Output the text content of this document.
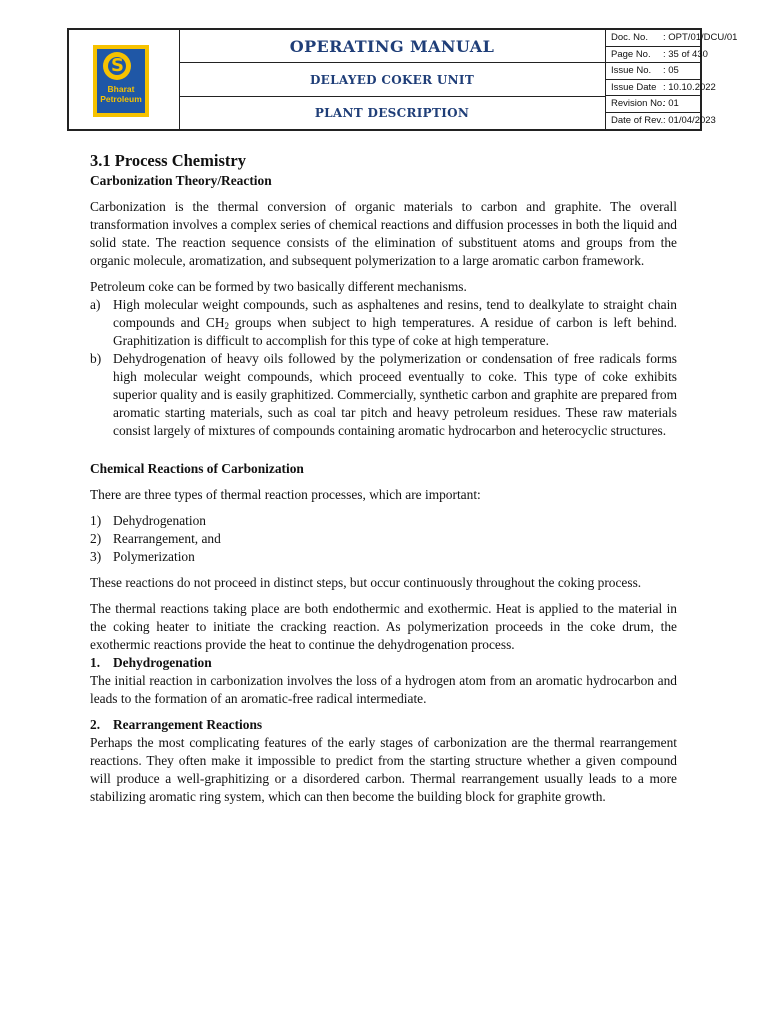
S
Bharat
Petroleum
OPERATING MANUAL
DELAYED COKER UNIT
PLANT DESCRIPTION
Doc. No. : OPT/01/DCU/01
Page No. : 35 of 430
Issue No. : 05
Issue Date : 10.10.2022
Revision No.: 01
Date of Rev.: 01/04/2023
3.1 Process Chemistry
Carbonization Theory/Reaction

Carbonization is the thermal conversion of organic materials to carbon and graphite. The overall transformation involves a complex series of chemical reactions and diffusion processes in both the liquid and solid state. The reaction sequence consists of the elimination of substituent atoms and groups from the organic molecule, aromatization, and subsequent polymerization to a large aromatic carbon framework.

Petroleum coke can be formed by two basically different mechanisms.

a) High molecular weight compounds, such as asphaltenes and resins, tend to dealkylate to straight chain compounds and $CH_2$ groups when subject to high temperatures. A residue of carbon is left behind. Graphitization is difficult to accomplish for this type of coke at high temperature.
b) Dehydrogenation of heavy oils followed by the polymerization or condensation of free radicals forms high molecular weight compounds, which proceed eventually to coke. This type of coke exhibits superior quality and is easily graphitized. Commercially, synthetic carbon and graphite are prepared from aromatic starting materials, such as coal tar pitch and heavy petroleum residues. These raw materials consist largely of mixtures of compounds containing aromatic hydrocarbon and heterocyclic structures.
Chemical Reactions of Carbonization

There are three types of thermal reaction processes, which are important:

1) Dehydrogenation
2) Rearrangement, and
3) Polymerization

These reactions do not proceed in distinct steps, but occur continuously throughout the coking process.

The thermal reactions taking place are both endothermic and exothermic. Heat is applied to the material in the coking heater to initiate the cracking reaction. As polymerization proceeds in the coke drum, the exothermic reactions provide the heat to continue the dehydrogenation process.

1. Dehydrogenation

The initial reaction in carbonization involves the loss of a hydrogen atom from an aromatic hydrocarbon and leads to the formation of an aromatic-free radical intermediate.

2. Rearrangement Reactions

Perhaps the most complicating features of the early stages of carbonization are the thermal rearrangement reactions. They often make it impossible to predict from the starting structure whether a given compound will produce a well-graphitizing or a disordered carbon. Thermal rearrangement usually leads to a more stabilizing aromatic ring system, which can then become the building block for graphite growth.
